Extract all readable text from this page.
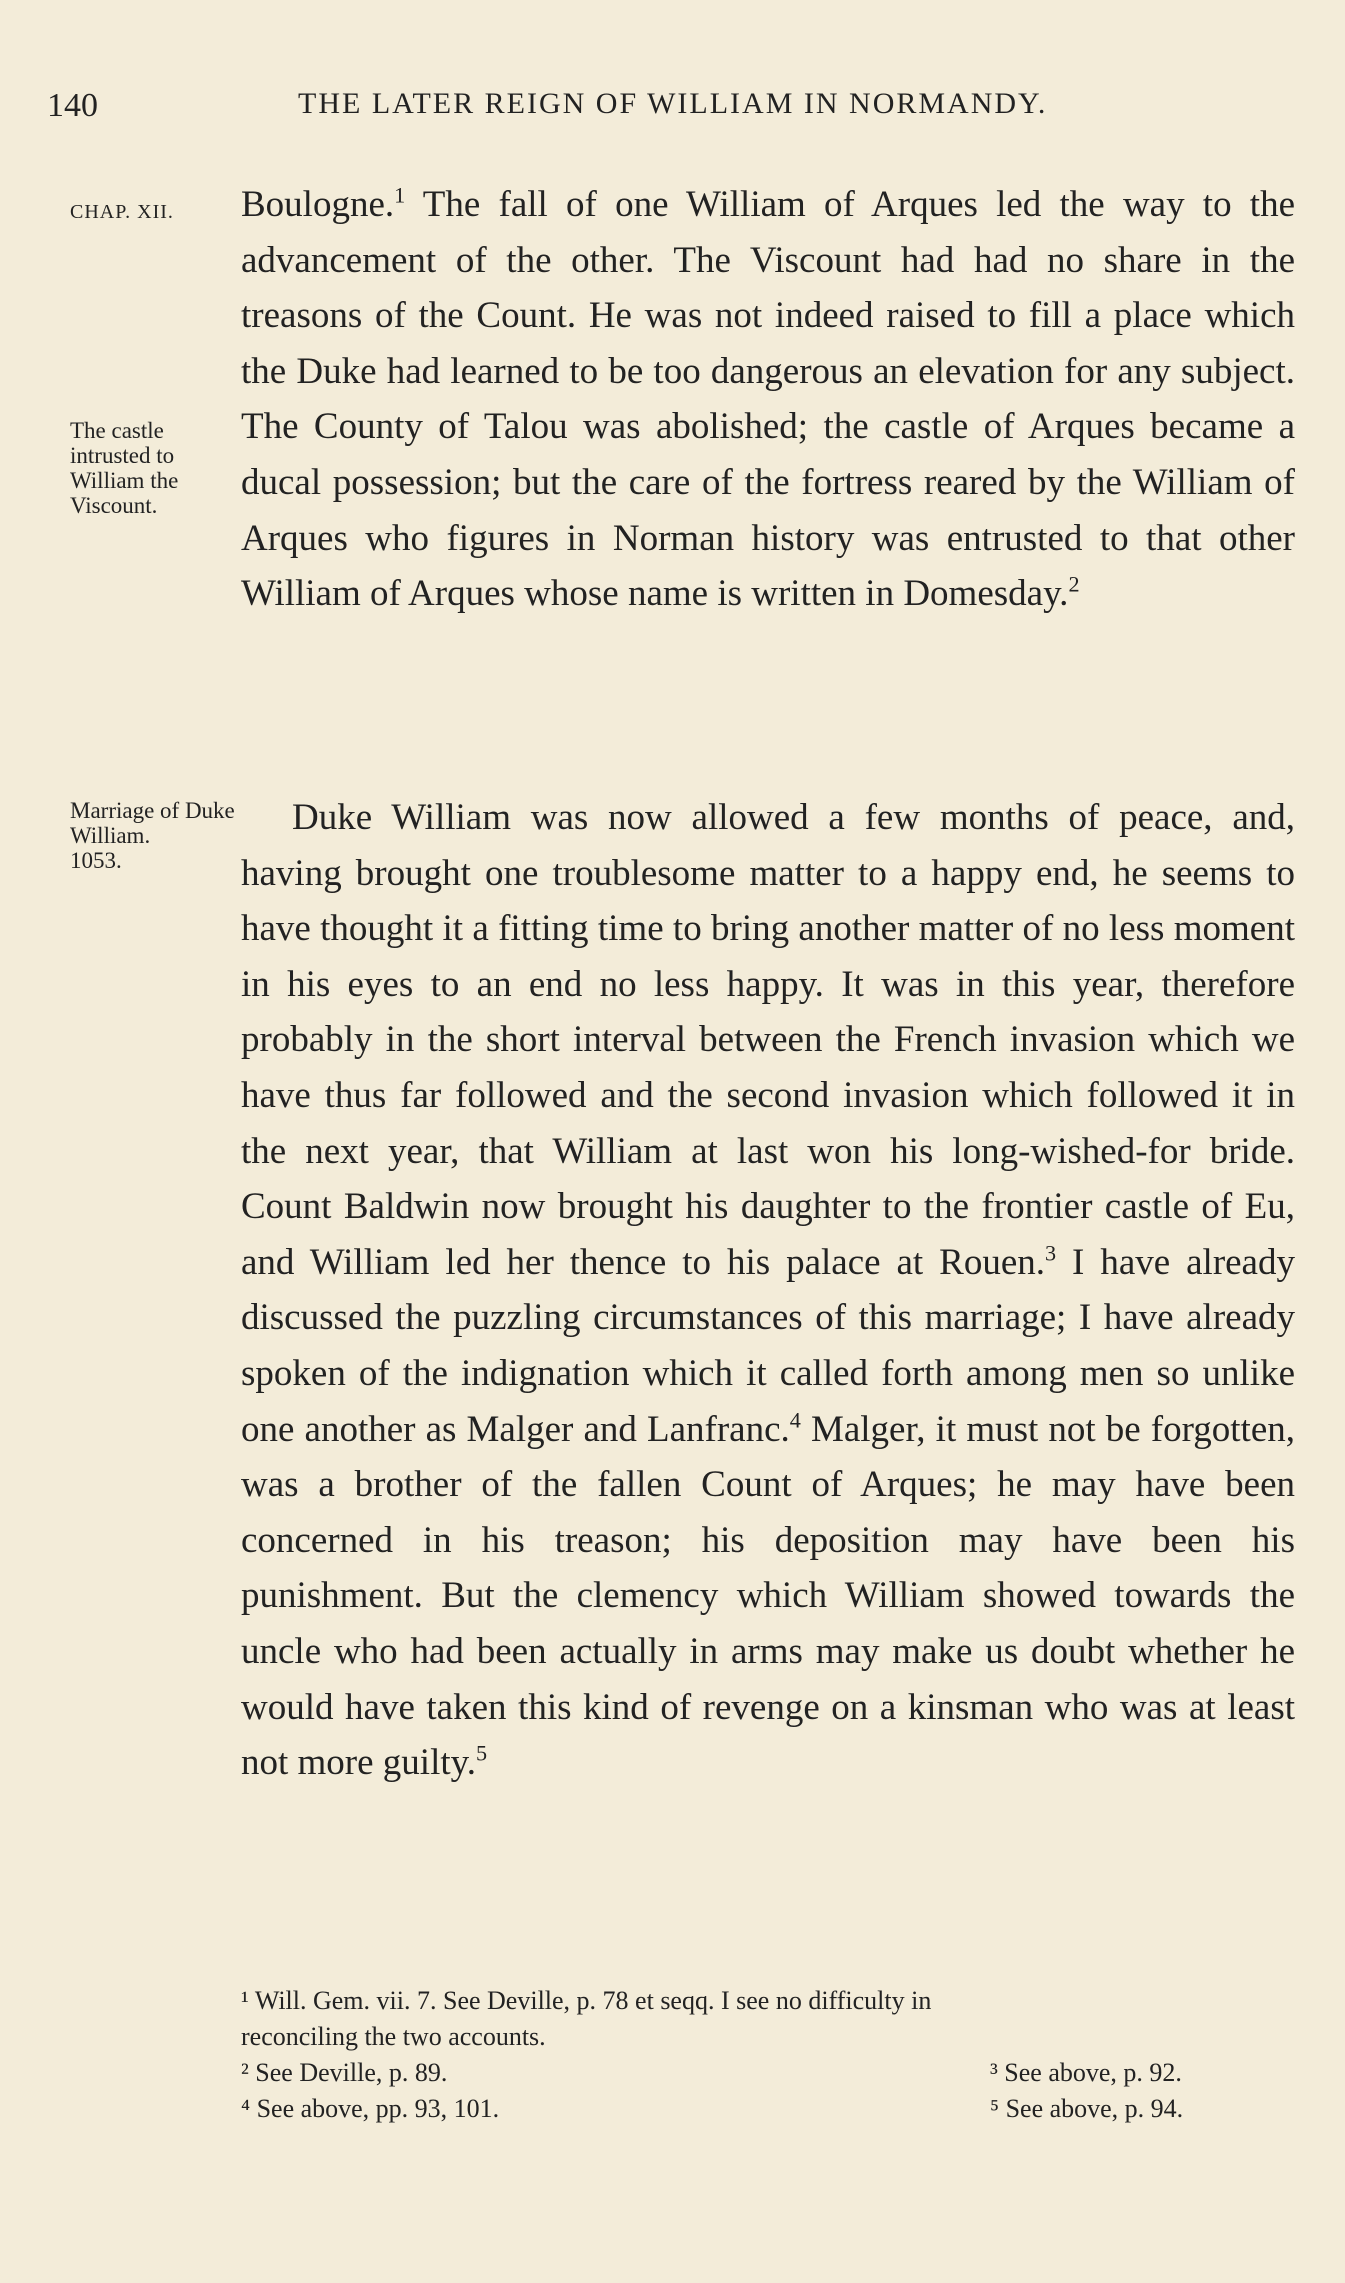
140	THE LATER REIGN OF WILLIAM IN NORMANDY.
CHAP. XII.
The castle intrusted to William the Viscount.
Marriage of Duke William.
1053.
Boulogne.$^1$ The fall of one William of Arques led the way to the advancement of the other. The Viscount had had no share in the treasons of the Count. He was not indeed raised to fill a place which the Duke had learned to be too dangerous an elevation for any subject. The County of Talou was abolished; the castle of Arques became a ducal possession; but the care of the fortress reared by the William of Arques who figures in Norman history was entrusted to that other William of Arques whose name is written in Domesday.$^2$
Duke William was now allowed a few months of peace, and, having brought one troublesome matter to a happy end, he seems to have thought it a fitting time to bring another matter of no less moment in his eyes to an end no less happy. It was in this year, therefore probably in the short interval between the French invasion which we have thus far followed and the second invasion which followed it in the next year, that William at last won his long-wished-for bride. Count Baldwin now brought his daughter to the frontier castle of Eu, and William led her thence to his palace at Rouen.$^3$ I have already discussed the puzzling circumstances of this marriage; I have already spoken of the indignation which it called forth among men so unlike one another as Malger and Lanfranc.$^4$ Malger, it must not be forgotten, was a brother of the fallen Count of Arques; he may have been concerned in his treason; his deposition may have been his punishment. But the clemency which William showed towards the uncle who had been actually in arms may make us doubt whether he would have taken this kind of revenge on a kinsman who was at least not more guilty.$^5$
¹ Will. Gem. vii. 7. See Deville, p. 78 et seqq. I see no difficulty in
reconciling the two accounts.
² See Deville, p. 89.	³ See above, p. 92.
⁴ See above, pp. 93, 101.	⁵ See above, p. 94.
